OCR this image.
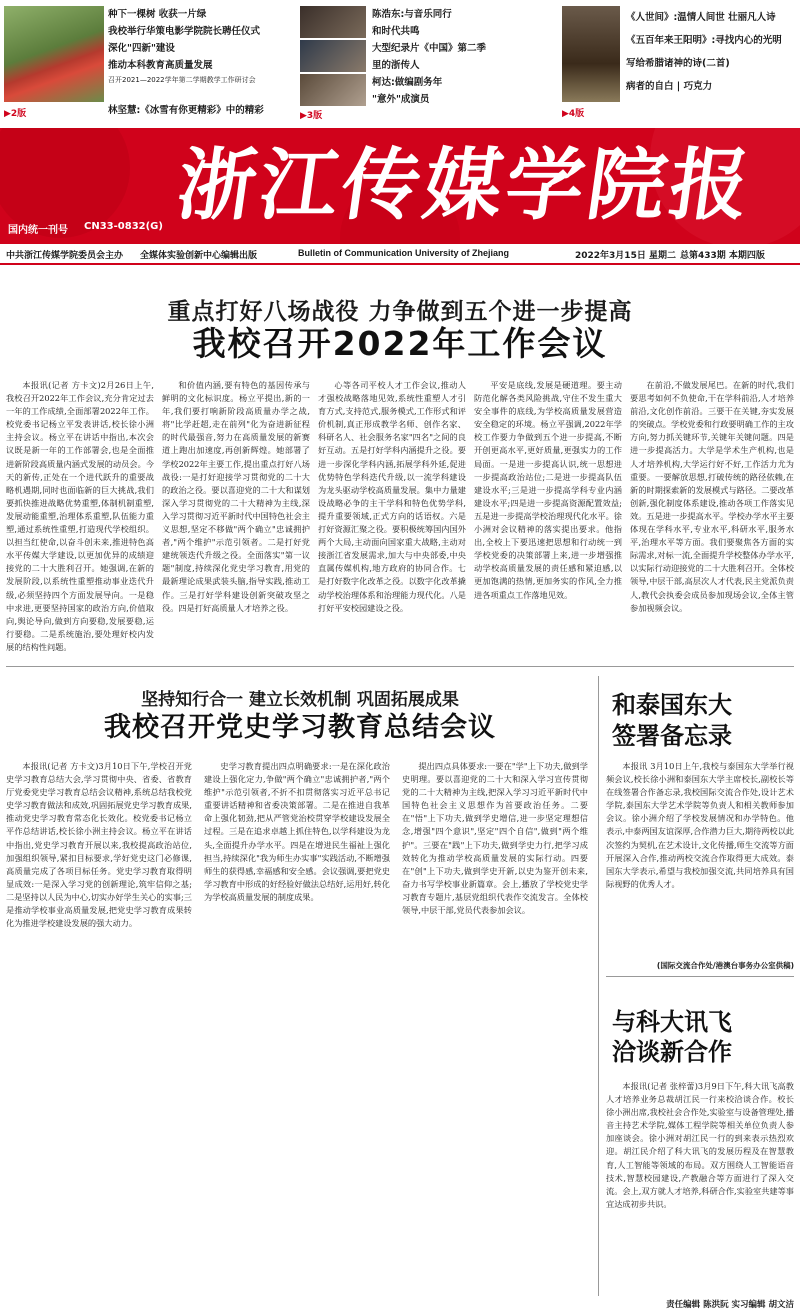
种下一棵树 收获一片绿
我校举行华策电影学院院长聘任仪式
深化"四新"建设
推动本科教育高质量发展
召开2021—2022学年第二学期教学工作研讨会
▶2版	林坚慧:《冰雪有你更精彩》中的精彩
陈浩东:与音乐同行
和时代共鸣
大型纪录片《中国》第二季
里的浙传人
柯达:做编剧务年
"意外"成演员
▶3版
《人世间》:温情人间世 壮丽凡人诗
《五百年来王阳明》:寻找内心的光明
写给希腊诸神的诗(二首)
病者的自白 | 巧克力
▶4版
浙江传媒学院报
国内统一刊号 CN33-0832(G)
中共浙江传媒学院委员会主办 全媒体实验创新中心编辑出版	Bulletin of Communication University of Zhejiang	2022年3月15日 星期二 总第433期 本期四版
重点打好八场战役 力争做到五个进一步提高
我校召开2022年工作会议

本报讯(记者 方卡文)2月26日上午,我校召开2022年工作会议,充分肯定过去一年的工作成绩,全面部署2022年工作。校党委书记杨立平发表讲话,校长徐小洲主持会议。杨立平在讲话中指出,本次会议既是新一年的工作部署会,也是全面推进新阶段高质量内涵式发展的动员会。今天的新传,正处在一个进代跃升的重要战略机遇期,同时也面临新的巨大挑战,我们要抓快推进战略优势重塑,体制机制重塑,发展动能重塑,治理体系重塑,队伍能力重塑,通过系统性重塑,打造现代学校组织。以担当红使命,以奋斗创未来,推进特色高水平传媒大学建设,以更加优异的成绩迎接党的二十大胜利召开。她强调,在新的发展阶段,以系统性重塑推动事业迭代升级,必须坚持四个方面发展导向。一是稳中求进,更要坚持国家的政治方向,价值取向,舆论导向,做到方向要稳,发展要稳,运行要稳。二是系统施治,要处理好校内发展的结构性问题。

和价值内涵,要有特色的基因传承与鲜明的文化标识度。杨立平提出,新的一年,我们要打响新阶段高质量办学之战,将"比学赶超,走在前列"化为奋进新征程的时代最强音,努力在高质量发展的新赛道上跑出加速度,再创新辉煌。她部署了学校2022年主要工作,提出重点打好八场战役:一是打好迎接学习贯彻党的二十大的政治之役。要以喜迎党的二十大和谋划深入学习贯彻党的二十大精神为主线,深入学习贯彻习近平新时代中国特色社会主义思想,坚定不移做"两个确立"忠诚拥护者,"两个维护"示范引领者。二是打好党建统领迭代升级之役。全面落实"第一议题"制度,持续深化党史学习教育,用党的最新理论成果武装头脑,指导实践,推动工作。三是打好学科建设创新突破攻坚之役。四是打好高质量人才培养之役。

心等各司平校人才工作会议,推动人才强校战略落地见效,系统性重塑人才引育方式,支持范式,服务模式,工作形式和评价机制,真正形成教学名师、创作名家、科研名人、社会服务名家"四名"之间的良好互动。五是打好学科内涵提升之役。要进一步深化学科内涵,拓展学科外延,促进优势特色学科迭代升级,以一流学科建设为龙头驱动学校高质量发展。集中力量建设战略必争的主干学科和特色优势学科,提升重要领域,正式方向的话语权。六是打好资源汇聚之役。要积极统筹国内国外两个大局,主动面向国家重大战略,主动对接浙江省发展需求,加大与中央部委,中央直属传媒机构,地方政府的协同合作。七是打好数字化改革之役。以数字化改革撬动学校治理体系和治理能力现代化。八是打好平安校园建设之役。

平安是底线,发展是硬道理。要主动防范化解各类风险挑战,守住不发生重大安全事件的底线,为学校高质量发展营造安全稳定的环境。杨立平强调,2022年学校工作要力争做到五个进一步提高,不断开创更高水平,更好质量,更强实力的工作局面。一是进一步提高认识,统一思想进一步提高政治站位;二是进一步提高队伍建设水平;三是进一步提高学科专业内涵建设水平;四是进一步提高资源配置效益;五是进一步提高学校治理现代化水平。徐小洲对会议精神的落实提出要求。他指出,全校上下要迅速把思想和行动统一到学校党委的决策部署上来,进一步增强推动学校高质量发展的责任感和紧迫感,以更加饱满的热情,更加务实的作风,全力推进各项重点工作落地见效。

在前沿,不做发展尾巴。在新的时代,我们要思考如何不负使命,干在学科前沿,人才培养前沿,文化创作前沿。三要干在关键,夯实发展的突破点。学校党委和行政要明确工作的主攻方向,努力抓关键环节,关键年关键问题。四是进一步提高活力。大学是学术生产机构,也是人才培养机构,大学运行好不好,工作活力尤为重要。一要解放思想,打破传统的路径依赖,在新的时期探索新的发展模式与路径。二要改革创新,强化制度体系建设,推动各项工作落实见效。五是进一步提高水平。学校办学水平主要体现在学科水平,专业水平,科研水平,服务水平,治理水平等方面。我们要聚焦各方面的实际需求,对标一流,全面提升学校整体办学水平,以实际行动迎接党的二十大胜利召开。全体校领导,中层干部,高层次人才代表,民主党派负责人,教代会执委会成员参加现场会议,全体主管参加视频会议。

坚持知行合一 建立长效机制 巩固拓展成果
我校召开党史学习教育总结会议

本报讯(记者 方卡文)3月10日下午,学校召开党史学习教育总结大会,学习贯彻中央、省委、省教育厅党委党史学习教育总结会议精神,系统总结我校党史学习教育做法和成效,巩固拓展党史学习教育成果,推动党史学习教育常态化长效化。校党委书记杨立平作总结讲话,校长徐小洲主持会议。杨立平在讲话中指出,党史学习教育开展以来,我校提高政治站位,加强组织领导,紧扣目标要求,学好党史这门必修课,高质量完成了各项目标任务。党史学习教育取得明显成效:一是深入学习党的创新理论,筑牢信仰之基;二是坚持以人民为中心,切实办好学生关心的实事;三是推动学校事业高质量发展,把党史学习教育成果转化为推进学校建设发展的强大动力。

史学习教育提出四点明确要求:一是在深化政治建设上强化定力,争做"两个确立"忠诚拥护者,"两个维护"示范引领者,不折不扣贯彻落实习近平总书记重要讲话精神和省委决策部署。二是在推进自我革命上强化韧劲,把从严管党治校贯穿学校建设发展全过程。三是在追求卓越上抓住特色,以学科建设为龙头,全面提升办学水平。四是在增进民生福祉上强化担当,持续深化"我为师生办实事"实践活动,不断增强师生的获得感,幸福感和安全感。会议强调,要把党史学习教育中形成的好经验好做法总结好,运用好,转化为学校高质量发展的制度成果。

提出四点具体要求:一要在"学"上下功夫,做到学史明理。要以喜迎党的二十大和深入学习宣传贯彻党的二十大精神为主线,把深入学习习近平新时代中国特色社会主义思想作为首要政治任务。二要在"悟"上下功夫,做到学史增信,进一步坚定理想信念,增强"四个意识",坚定"四个自信",做到"两个维护"。三要在"践"上下功夫,做到学史力行,把学习成效转化为推动学校高质量发展的实际行动。四要在"创"上下功夫,做到学史开新,以史为鉴开创未来,奋力书写学校事业新篇章。会上,播放了学校党史学习教育专题片,基层党组织代表作交流发言。全体校领导,中层干部,党员代表参加会议。

和泰国东大签署备忘录

本报讯 3月10日上午,我校与泰国东大学举行视频会议,校长徐小洲和泰国东大学主席校长,副校长等在线签署合作备忘录,我校国际交流合作处,设计艺术学院,泰国东大学艺术学院等负责人和相关教师参加会议。徐小洲介绍了学校发展情况和办学特色。他表示,中泰两国友谊深厚,合作潜力巨大,期待两校以此次签约为契机,在艺术设计,文化传播,师生交流等方面开展深入合作,推动两校交流合作取得更大成效。泰国东大学表示,希望与我校加强交流,共同培养具有国际视野的优秀人才。

(国际交流合作处/港澳台事务办公室供稿)
与科大讯飞洽谈新合作

本报讯(记者 张梓蕾)3月9日下午,科大讯飞高教人才培养业务总裁胡江民一行来校洽谈合作。校长徐小洲出席,我校社会合作处,实验室与设备管理处,播音主持艺术学院,媒体工程学院等相关单位负责人参加座谈会。徐小洲对胡江民一行的到来表示热烈欢迎。胡江民介绍了科大讯飞的发展历程及在智慧教育,人工智能等领域的布局。双方围绕人工智能语音技术,智慧校园建设,产教融合等方面进行了深入交流。会上,双方就人才培养,科研合作,实验室共建等事宜达成初步共识。

责任编辑 陈洪阮 实习编辑 胡文洁
